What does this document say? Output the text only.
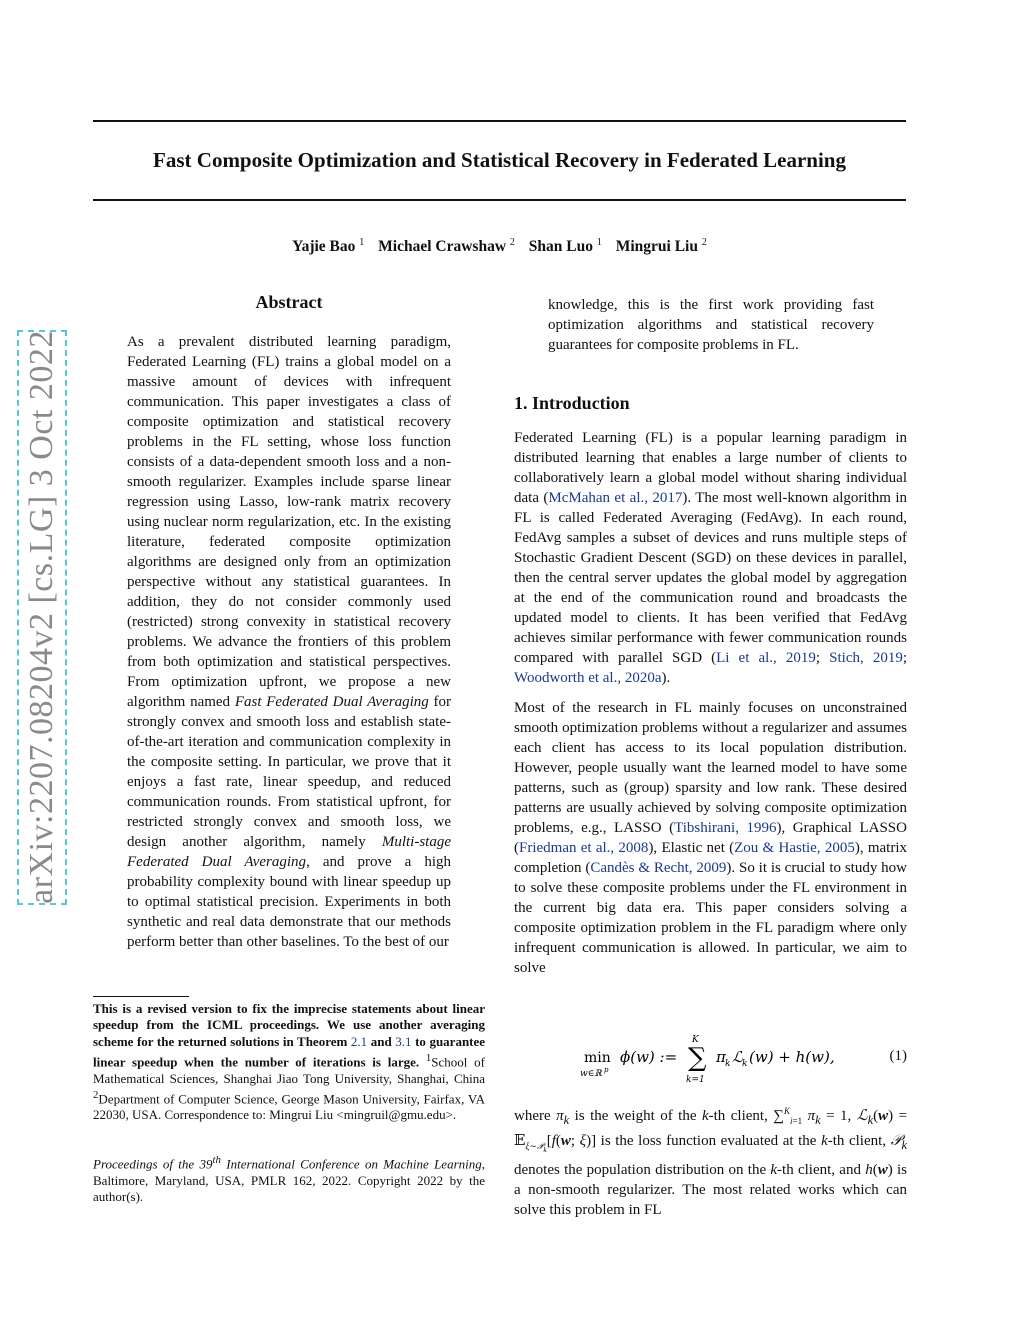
Fast Composite Optimization and Statistical Recovery in Federated Learning
Yajie Bao $^1$ Michael Crawshaw $^2$ Shan Luo $^1$ Mingrui Liu $^2$
arXiv:2207.08204v2 [cs.LG] 3 Oct 2022
Abstract

As a prevalent distributed learning paradigm, Federated Learning (FL) trains a global model on a massive amount of devices with infrequent communication. This paper investigates a class of composite optimization and statistical recovery problems in the FL setting, whose loss function consists of a data-dependent smooth loss and a non-smooth regularizer. Examples include sparse linear regression using Lasso, low-rank matrix recovery using nuclear norm regularization, etc. In the existing literature, federated composite optimization algorithms are designed only from an optimization perspective without any statistical guarantees. In addition, they do not consider commonly used (restricted) strong convexity in statistical recovery problems. We advance the frontiers of this problem from both optimization and statistical perspectives. From optimization upfront, we propose a new algorithm named Fast Federated Dual Averaging for strongly convex and smooth loss and establish state-of-the-art iteration and communication complexity in the composite setting. In particular, we prove that it enjoys a fast rate, linear speedup, and reduced communication rounds. From statistical upfront, for restricted strongly convex and smooth loss, we design another algorithm, namely Multi-stage Federated Dual Averaging, and prove a high probability complexity bound with linear speedup up to optimal statistical precision. Experiments in both synthetic and real data demonstrate that our methods perform better than other baselines. To the best of our

This is a revised version to fix the imprecise statements about linear speedup from the ICML proceedings. We use another averaging scheme for the returned solutions in Theorem 2.1 and 3.1 to guarantee linear speedup when the number of iterations is large. $^1$School of Mathematical Sciences, Shanghai Jiao Tong University, Shanghai, China $^2$Department of Computer Science, George Mason University, Fairfax, VA 22030, USA. Correspondence to: Mingrui Liu <mingruil@gmu.edu>.

Proceedings of the 39th International Conference on Machine Learning, Baltimore, Maryland, USA, PMLR 162, 2022. Copyright 2022 by the author(s).

knowledge, this is the first work providing fast optimization algorithms and statistical recovery guarantees for composite problems in FL.

1. Introduction

Federated Learning (FL) is a popular learning paradigm in distributed learning that enables a large number of clients to collaboratively learn a global model without sharing individual data (McMahan et al., 2017). The most well-known algorithm in FL is called Federated Averaging (FedAvg). In each round, FedAvg samples a subset of devices and runs multiple steps of Stochastic Gradient Descent (SGD) on these devices in parallel, then the central server updates the global model by aggregation at the end of the communication round and broadcasts the updated model to clients. It has been verified that FedAvg achieves similar performance with fewer communication rounds compared with parallel SGD (Li et al., 2019; Stich, 2019; Woodworth et al., 2020a).

Most of the research in FL mainly focuses on unconstrained smooth optimization problems without a regularizer and assumes each client has access to its local population distribution. However, people usually want the learned model to have some patterns, such as (group) sparsity and low rank. These desired patterns are usually achieved by solving composite optimization problems, e.g., LASSO (Tibshirani, 1996), Graphical LASSO (Friedman et al., 2008), Elastic net (Zou & Hastie, 2005), matrix completion (Candès & Recht, 2009). So it is crucial to study how to solve these composite problems under the FL environment in the current big data era. This paper considers solving a composite optimization problem in the FL paradigm where only infrequent communication is allowed. In particular, we aim to solve

min
w∈ℝ p
ϕ(w) := ∑
K
k=1
π k ℒ k (w) + h(w),	(1)

where $\pi_k$ is the weight of the k-th client, ∑$^K_{i=1}$ $\pi_k = 1$, ℒ$_k$(w) = 𝔼$_{\xi\sim 𝒫_k}$[f(w; ξ)] is the loss function evaluated at the k-th client, 𝒫$_k$ denotes the population distribution on the k-th client, and h(w) is a non-smooth regularizer. The most related works which can solve this problem in FL
